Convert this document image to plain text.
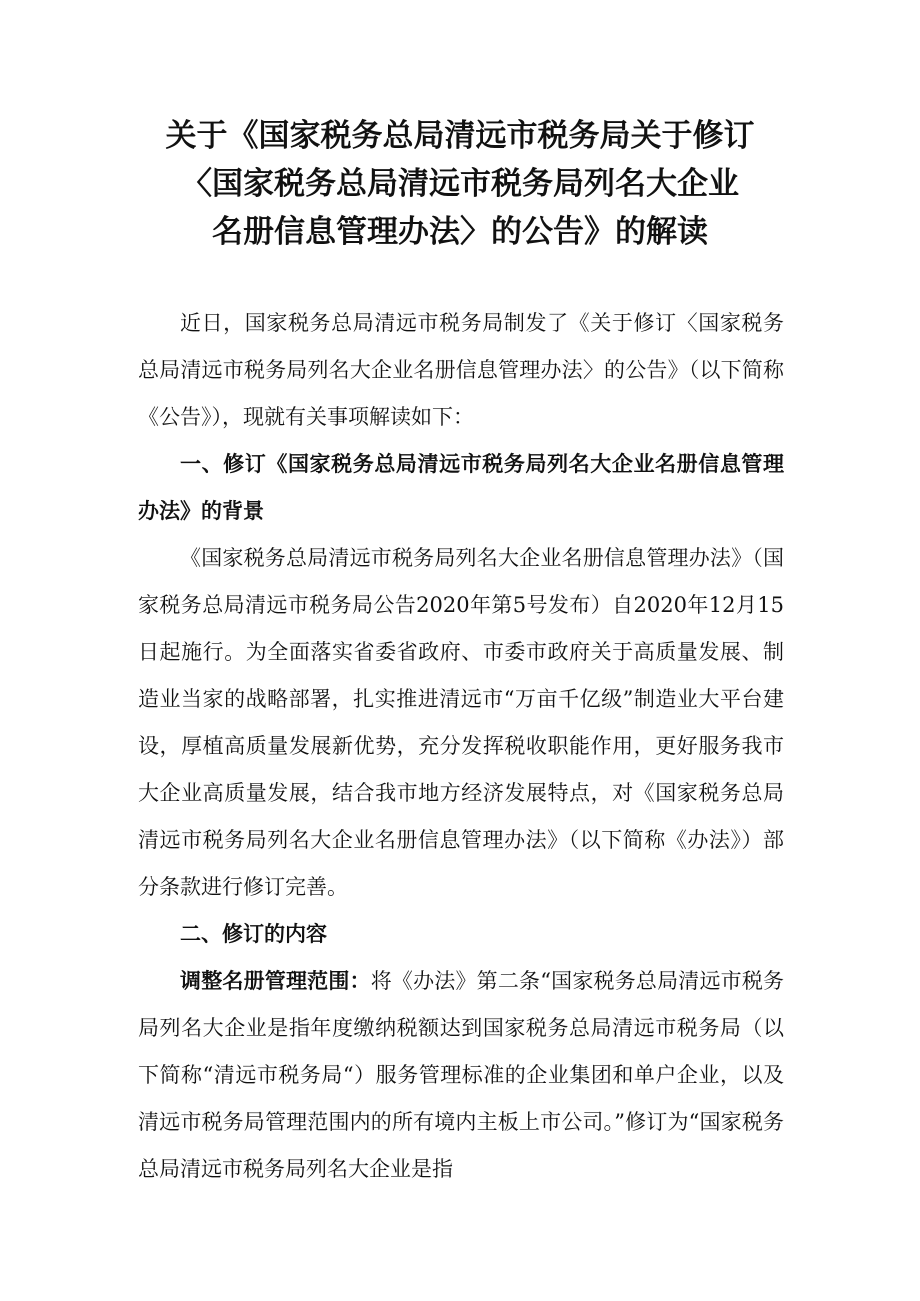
关于《国家税务总局清远市税务局关于修订
〈国家税务总局清远市税务局列名大企业
名册信息管理办法〉的公告》的解读

近日，国家税务总局清远市税务局制发了《关于修订〈国家税务总局清远市税务局列名大企业名册信息管理办法〉的公告》（以下简称《公告》），现就有关事项解读如下：

一、修订《国家税务总局清远市税务局列名大企业名册信息管理办法》的背景

《国家税务总局清远市税务局列名大企业名册信息管理办法》（国家税务总局清远市税务局公告2020年第5号发布）自2020年12月15日起施行。为全面落实省委省政府、市委市政府关于高质量发展、制造业当家的战略部署，扎实推进清远市“万亩千亿级”制造业大平台建设，厚植高质量发展新优势，充分发挥税收职能作用，更好服务我市大企业高质量发展，结合我市地方经济发展特点，对《国家税务总局清远市税务局列名大企业名册信息管理办法》（以下简称《办法》）部分条款进行修订完善。

二、修订的内容

调整名册管理范围：将《办法》第二条“国家税务总局清远市税务局列名大企业是指年度缴纳税额达到国家税务总局清远市税务局（以下简称“清远市税务局“）服务管理标准的企业集团和单户企业，以及清远市税务局管理范围内的所有境内主板上市公司。”修订为“国家税务总局清远市税务局列名大企业是指
